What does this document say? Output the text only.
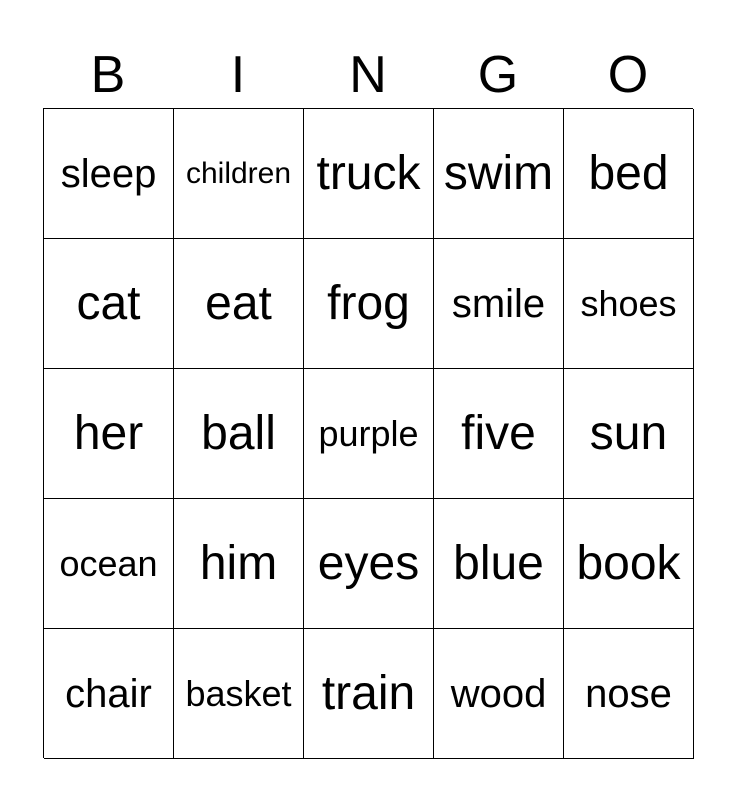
B	I	N	G	O
sleep children truck swim bed
cat	eat	frog	smile shoes
her	ball	purple five	sun
ocean him eyes blue book
chair basket train wood nose
